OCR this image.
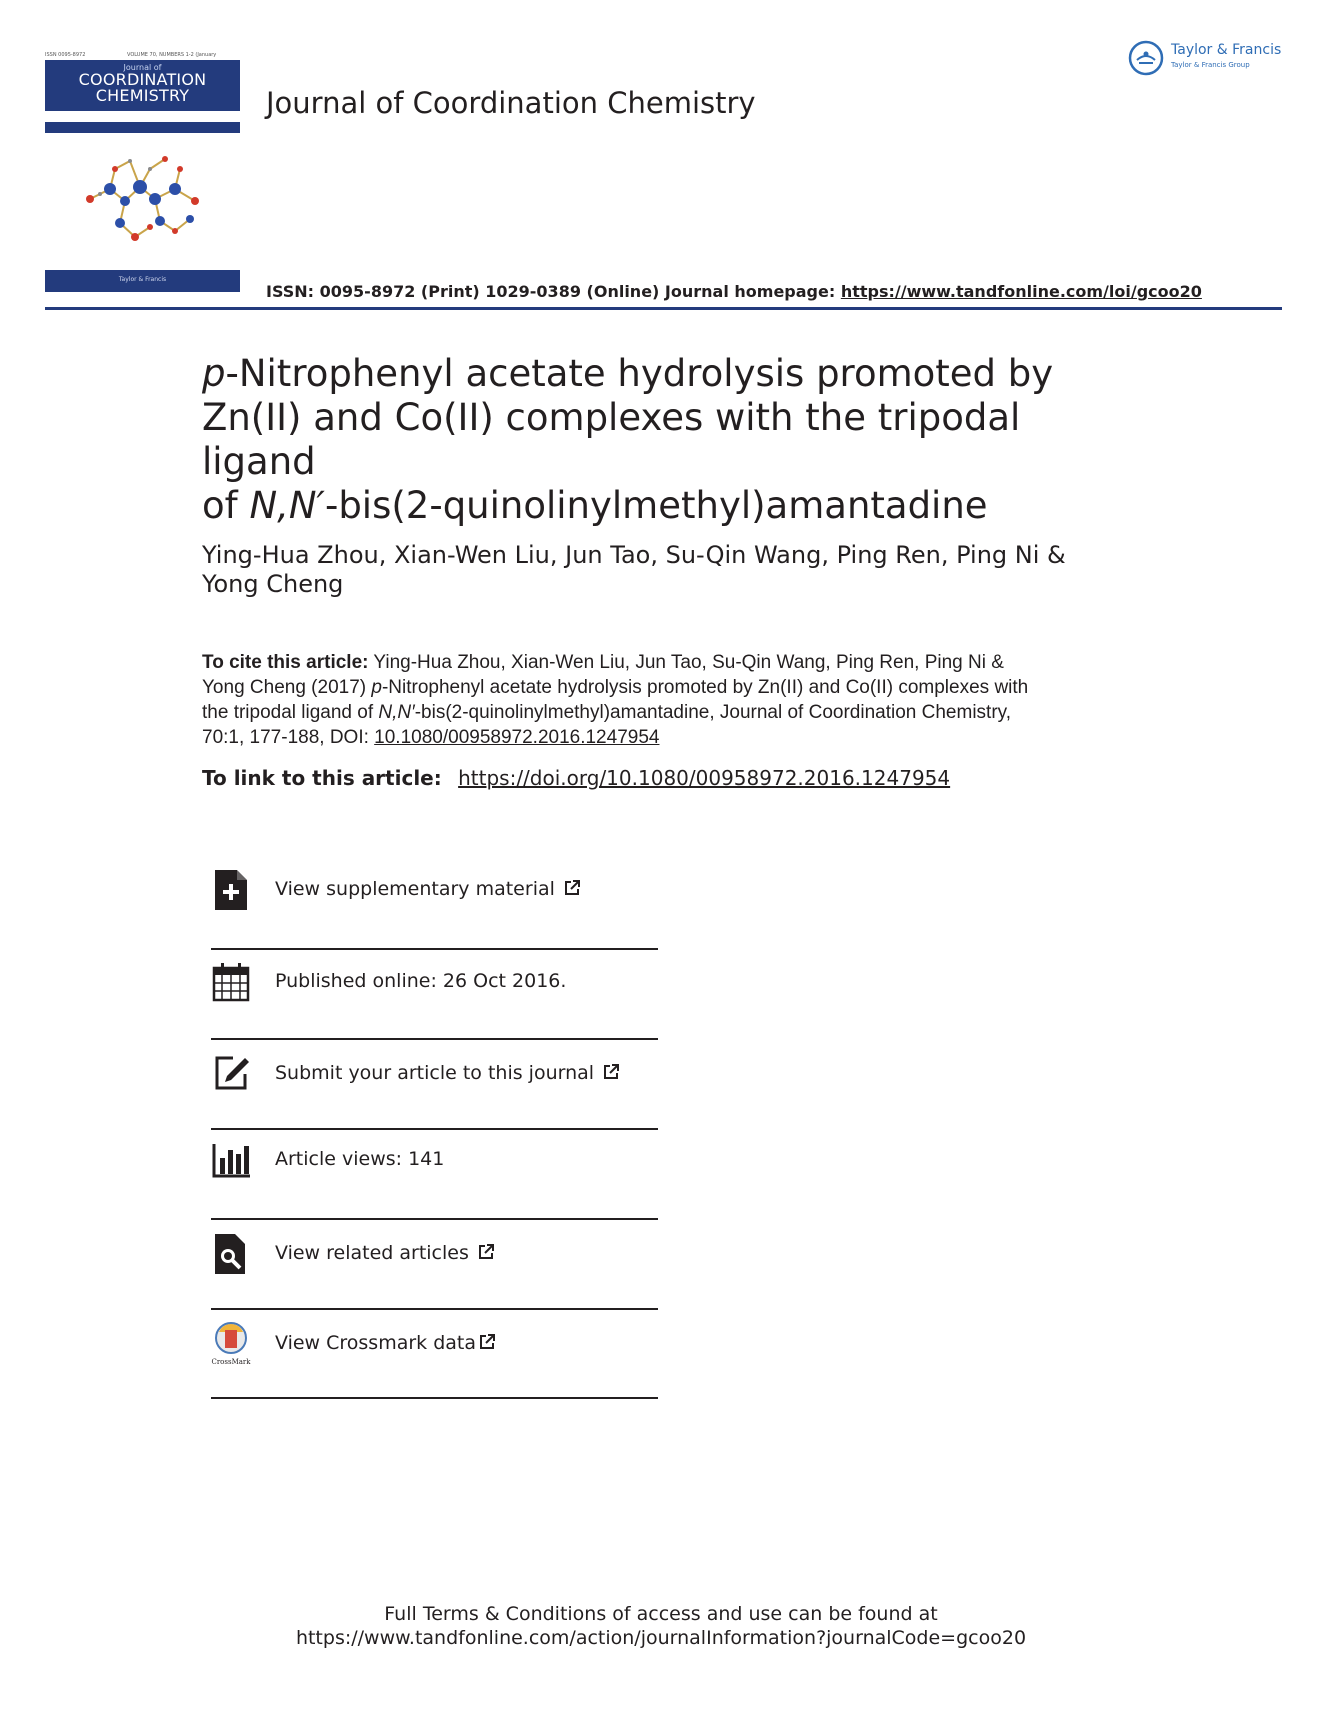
ISSN 0095-8972	VOLUME 70, NUMBERS 1-2 (January
Journal of
COORDINATION
CHEMISTRY
Taylor & Francis
Journal of Coordination Chemistry
Taylor & Francis
Taylor & Francis Group
ISSN: 0095-8972 (Print) 1029-0389 (Online) Journal homepage: https://www.tandfonline.com/loi/gcoo20
p-Nitrophenyl acetate hydrolysis promoted by
Zn(II) and Co(II) complexes with the tripodal ligand
of N,N′-bis(2-quinolinylmethyl)amantadine
Ying-Hua Zhou, Xian-Wen Liu, Jun Tao, Su-Qin Wang, Ping Ren, Ping Ni &
Yong Cheng
To cite this article: Ying-Hua Zhou, Xian-Wen Liu, Jun Tao, Su-Qin Wang, Ping Ren, Ping Ni &
Yong Cheng (2017) p-Nitrophenyl acetate hydrolysis promoted by Zn(II) and Co(II) complexes with
the tripodal ligand of N,N′-bis(2-quinolinylmethyl)amantadine, Journal of Coordination Chemistry,
70:1, 177-188, DOI: 10.1080/00958972.2016.1247954
To link to this article: https://doi.org/10.1080/00958972.2016.1247954
View supplementary material
Published online: 26 Oct 2016.
Submit your article to this journal
Article views: 141
View related articles
CrossMark
View Crossmark data
Full Terms & Conditions of access and use can be found at
https://www.tandfonline.com/action/journalInformation?journalCode=gcoo20
